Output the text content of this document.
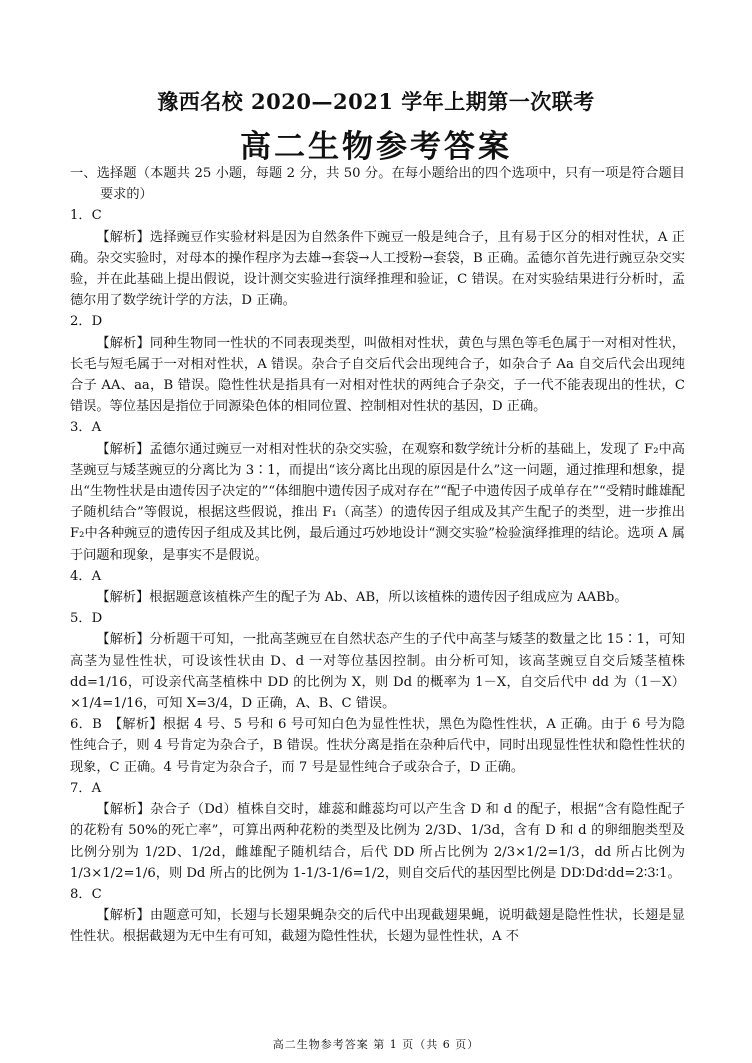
豫西名校 2020—2021 学年上期第一次联考
高二生物参考答案

一、选择题（本题共 25 小题，每题 2 分，共 50 分。在每小题给出的四个选项中，只有一项是符合题目要求的）

1．C

【解析】选择豌豆作实验材料是因为自然条件下豌豆一般是纯合子，且有易于区分的相对性状，A 正确。杂交实验时，对母本的操作程序为去雄→套袋→人工授粉→套袋，B 正确。孟德尔首先进行豌豆杂交实验，并在此基础上提出假说，设计测交实验进行演绎推理和验证，C 错误。在对实验结果进行分析时，孟德尔用了数学统计学的方法，D 正确。

2．D

【解析】同种生物同一性状的不同表现类型，叫做相对性状，黄色与黑色等毛色属于一对相对性状，长毛与短毛属于一对相对性状，A 错误。杂合子自交后代会出现纯合子，如杂合子 Aa 自交后代会出现纯合子 AA、aa，B 错误。隐性性状是指具有一对相对性状的两纯合子杂交，子一代不能表现出的性状，C 错误。等位基因是指位于同源染色体的相同位置、控制相对性状的基因，D 正确。

3．A

【解析】孟德尔通过豌豆一对相对性状的杂交实验，在观察和数学统计分析的基础上，发现了 F₂中高茎豌豆与矮茎豌豆的分离比为 3∶1，而提出“该分离比出现的原因是什么”这一问题，通过推理和想象，提出“生物性状是由遗传因子决定的”“体细胞中遗传因子成对存在”“配子中遗传因子成单存在”“受精时雌雄配子随机结合”等假说，根据这些假说，推出 F₁（高茎）的遗传因子组成及其产生配子的类型，进一步推出 F₂中各种豌豆的遗传因子组成及其比例，最后通过巧妙地设计“测交实验”检验演绎推理的结论。选项 A 属于问题和现象，是事实不是假说。

4．A

【解析】根据题意该植株产生的配子为 Ab、AB，所以该植株的遗传因子组成应为 AABb。

5．D

【解析】分析题干可知，一批高茎豌豆在自然状态产生的子代中高茎与矮茎的数量之比 15∶1，可知高茎为显性性状，可设该性状由 D、d 一对等位基因控制。由分析可知，该高茎豌豆自交后矮茎植株 dd=1/16，可设亲代高茎植株中 DD 的比例为 X，则 Dd 的概率为 1－X，自交后代中 dd 为（1－X）×1/4=1/16，可知 X=3/4，D 正确，A、B、C 错误。

6．B　 【解析】根据 4 号、5 号和 6 号可知白色为显性性状，黑色为隐性性状，A 正确。由于 6 号为隐性纯合子，则 4 号肯定为杂合子，B 错误。性状分离是指在杂种后代中，同时出现显性性状和隐性性状的现象，C 正确。4 号肯定为杂合子，而 7 号是显性纯合子或杂合子，D 正确。

7．A

【解析】杂合子（Dd）植株自交时，雄蕊和雌蕊均可以产生含 D 和 d 的配子，根据“含有隐性配子的花粉有 50%的死亡率”，可算出两种花粉的类型及比例为 2/3D、1/3d，含有 D 和 d 的卵细胞类型及比例分别为 1/2D、1/2d，雌雄配子随机结合，后代 DD 所占比例为 2/3×1/2=1/3，dd 所占比例为 1/3×1/2=1/6，则 Dd 所占的比例为 1-1/3-1/6=1/2，则自交后代的基因型比例是 DD∶Dd∶dd=2∶3∶1。

8．C

【解析】由题意可知，长翅与长翅果蝇杂交的后代中出现截翅果蝇，说明截翅是隐性性状，长翅是显性性状。根据截翅为无中生有可知，截翅为隐性性状，长翅为显性性状，A 不

高二生物参考答案 第 1 页（共 6 页）
